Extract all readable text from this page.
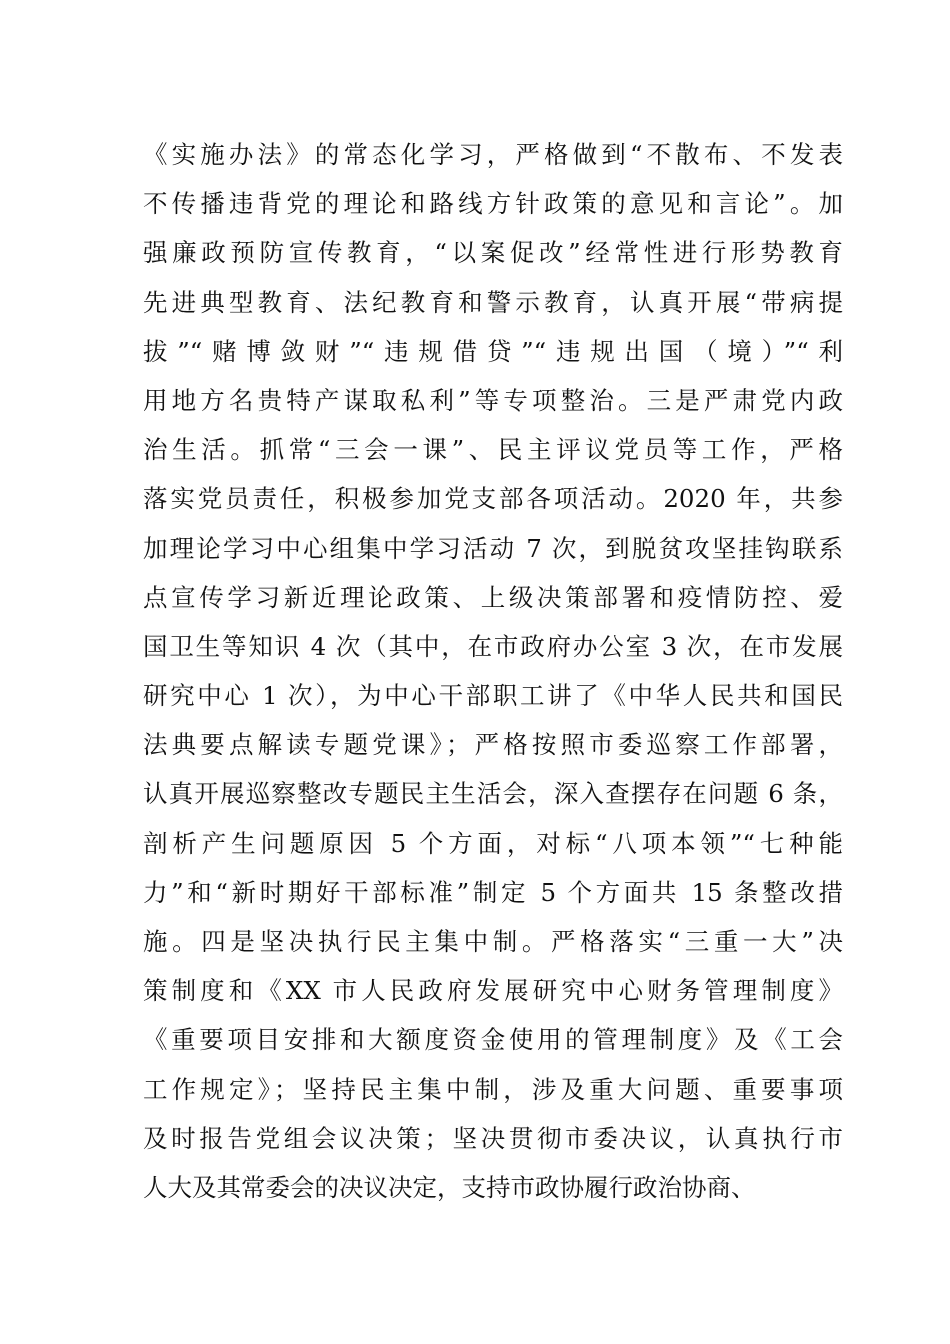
《实施办法》的常态化学习，严格做到“不散布、不发表
不传播违背党的理论和路线方针政策的意见和言论”。加
强廉政预防宣传教育，“以案促改”经常性进行形势教育
先进典型教育、法纪教育和警示教育，认真开展“带病提
拔”“赌博敛财”“违规借贷”“违规出国（境）”“利
用地方名贵特产谋取私利”等专项整治。三是严肃党内政
治生活。抓常“三会一课”、民主评议党员等工作，严格
落实党员责任，积极参加党支部各项活动。2020 年，共参
加理论学习中心组集中学习活动 7 次，到脱贫攻坚挂钩联系
点宣传学习新近理论政策、上级决策部署和疫情防控、爱
国卫生等知识 4 次（其中，在市政府办公室 3 次，在市发展
研究中心 1 次），为中心干部职工讲了《中华人民共和国民
法典要点解读专题党课》；严格按照市委巡察工作部署，
认真开展巡察整改专题民主生活会，深入查摆存在问题 6 条，
剖析产生问题原因 5 个方面，对标“八项本领”“七种能
力”和“新时期好干部标准”制定 5 个方面共 15 条整改措
施。四是坚决执行民主集中制。严格落实“三重一大”决
策制度和《XX 市人民政府发展研究中心财务管理制度》
《重要项目安排和大额度资金使用的管理制度》及《工会
工作规定》；坚持民主集中制，涉及重大问题、重要事项
及时报告党组会议决策；坚决贯彻市委决议，认真执行市
人大及其常委会的决议决定，支持市政协履行政治协商、
